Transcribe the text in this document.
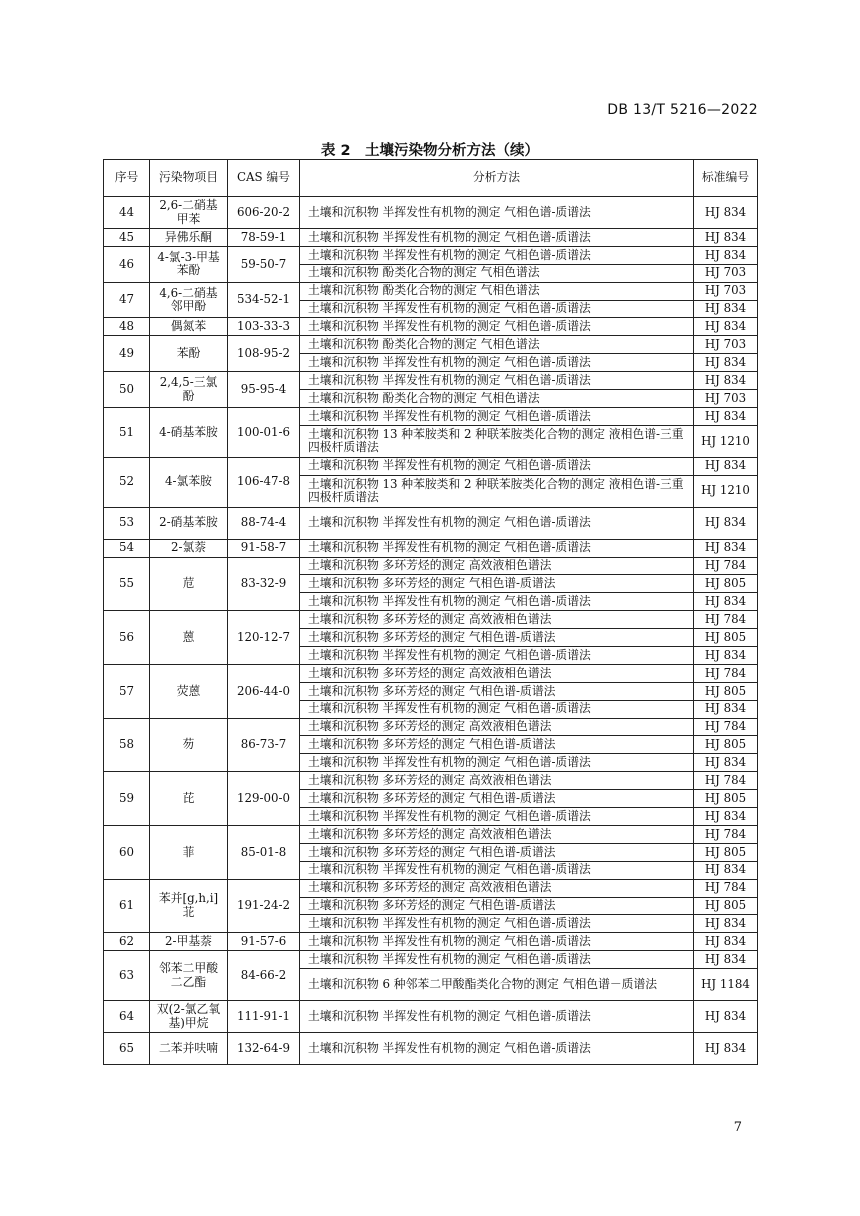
DB 13/T 5216—2022
表 2　土壤污染物分析方法（续）
序号	污染物项目	CAS 编号	分析方法	标准编号
44	2,6-二硝基甲苯	606-20-2	土壤和沉积物 半挥发性有机物的测定 气相色谱-质谱法	HJ 834
45	异佛乐酮	78-59-1	土壤和沉积物 半挥发性有机物的测定 气相色谱-质谱法	HJ 834
46	4-氯-3-甲基苯酚	59-50-7	土壤和沉积物 半挥发性有机物的测定 气相色谱-质谱法	HJ 834
			土壤和沉积物 酚类化合物的测定 气相色谱法	HJ 703
47	4,6-二硝基邻甲酚	534-52-1	土壤和沉积物 酚类化合物的测定 气相色谱法	HJ 703
			土壤和沉积物 半挥发性有机物的测定 气相色谱-质谱法	HJ 834
48	偶氮苯	103-33-3	土壤和沉积物 半挥发性有机物的测定 气相色谱-质谱法	HJ 834
49	苯酚	108-95-2	土壤和沉积物 酚类化合物的测定 气相色谱法	HJ 703
			土壤和沉积物 半挥发性有机物的测定 气相色谱-质谱法	HJ 834
50	2,4,5-三氯酚	95-95-4	土壤和沉积物 半挥发性有机物的测定 气相色谱-质谱法	HJ 834
			土壤和沉积物 酚类化合物的测定 气相色谱法	HJ 703
51	4-硝基苯胺	100-01-6	土壤和沉积物 半挥发性有机物的测定 气相色谱-质谱法	HJ 834
			土壤和沉积物 13 种苯胺类和 2 种联苯胺类化合物的测定 液相色谱-三重四极杆质谱法	HJ 1210
52	4-氯苯胺	106-47-8	土壤和沉积物 半挥发性有机物的测定 气相色谱-质谱法	HJ 834
			土壤和沉积物 13 种苯胺类和 2 种联苯胺类化合物的测定 液相色谱-三重四极杆质谱法	HJ 1210
53	2-硝基苯胺	88-74-4	土壤和沉积物 半挥发性有机物的测定 气相色谱-质谱法	HJ 834
54	2-氯萘	91-58-7	土壤和沉积物 半挥发性有机物的测定 气相色谱-质谱法	HJ 834
55	苊	83-32-9	土壤和沉积物 多环芳烃的测定 高效液相色谱法	HJ 784
			土壤和沉积物 多环芳烃的测定 气相色谱-质谱法	HJ 805
			土壤和沉积物 半挥发性有机物的测定 气相色谱-质谱法	HJ 834
56	蒽	120-12-7	土壤和沉积物 多环芳烃的测定 高效液相色谱法	HJ 784
			土壤和沉积物 多环芳烃的测定 气相色谱-质谱法	HJ 805
			土壤和沉积物 半挥发性有机物的测定 气相色谱-质谱法	HJ 834
57	荧蒽	206-44-0	土壤和沉积物 多环芳烃的测定 高效液相色谱法	HJ 784
			土壤和沉积物 多环芳烃的测定 气相色谱-质谱法	HJ 805
			土壤和沉积物 半挥发性有机物的测定 气相色谱-质谱法	HJ 834
58	芴	86-73-7	土壤和沉积物 多环芳烃的测定 高效液相色谱法	HJ 784
			土壤和沉积物 多环芳烃的测定 气相色谱-质谱法	HJ 805
			土壤和沉积物 半挥发性有机物的测定 气相色谱-质谱法	HJ 834
59	芘	129-00-0	土壤和沉积物 多环芳烃的测定 高效液相色谱法	HJ 784
			土壤和沉积物 多环芳烃的测定 气相色谱-质谱法	HJ 805
			土壤和沉积物 半挥发性有机物的测定 气相色谱-质谱法	HJ 834
60	菲	85-01-8	土壤和沉积物 多环芳烃的测定 高效液相色谱法	HJ 784
			土壤和沉积物 多环芳烃的测定 气相色谱-质谱法	HJ 805
			土壤和沉积物 半挥发性有机物的测定 气相色谱-质谱法	HJ 834
61	苯并[g,h,i]苝	191-24-2	土壤和沉积物 多环芳烃的测定 高效液相色谱法	HJ 784
			土壤和沉积物 多环芳烃的测定 气相色谱-质谱法	HJ 805
			土壤和沉积物 半挥发性有机物的测定 气相色谱-质谱法	HJ 834
62	2-甲基萘	91-57-6	土壤和沉积物 半挥发性有机物的测定 气相色谱-质谱法	HJ 834
63	邻苯二甲酸二乙酯	84-66-2	土壤和沉积物 半挥发性有机物的测定 气相色谱-质谱法	HJ 834
			土壤和沉积物 6 种邻苯二甲酸酯类化合物的测定 气相色谱－质谱法	HJ 1184
64	双(2-氯乙氧基)甲烷	111-91-1	土壤和沉积物 半挥发性有机物的测定 气相色谱-质谱法	HJ 834
65	二苯并呋喃	132-64-9	土壤和沉积物 半挥发性有机物的测定 气相色谱-质谱法	HJ 834
7
